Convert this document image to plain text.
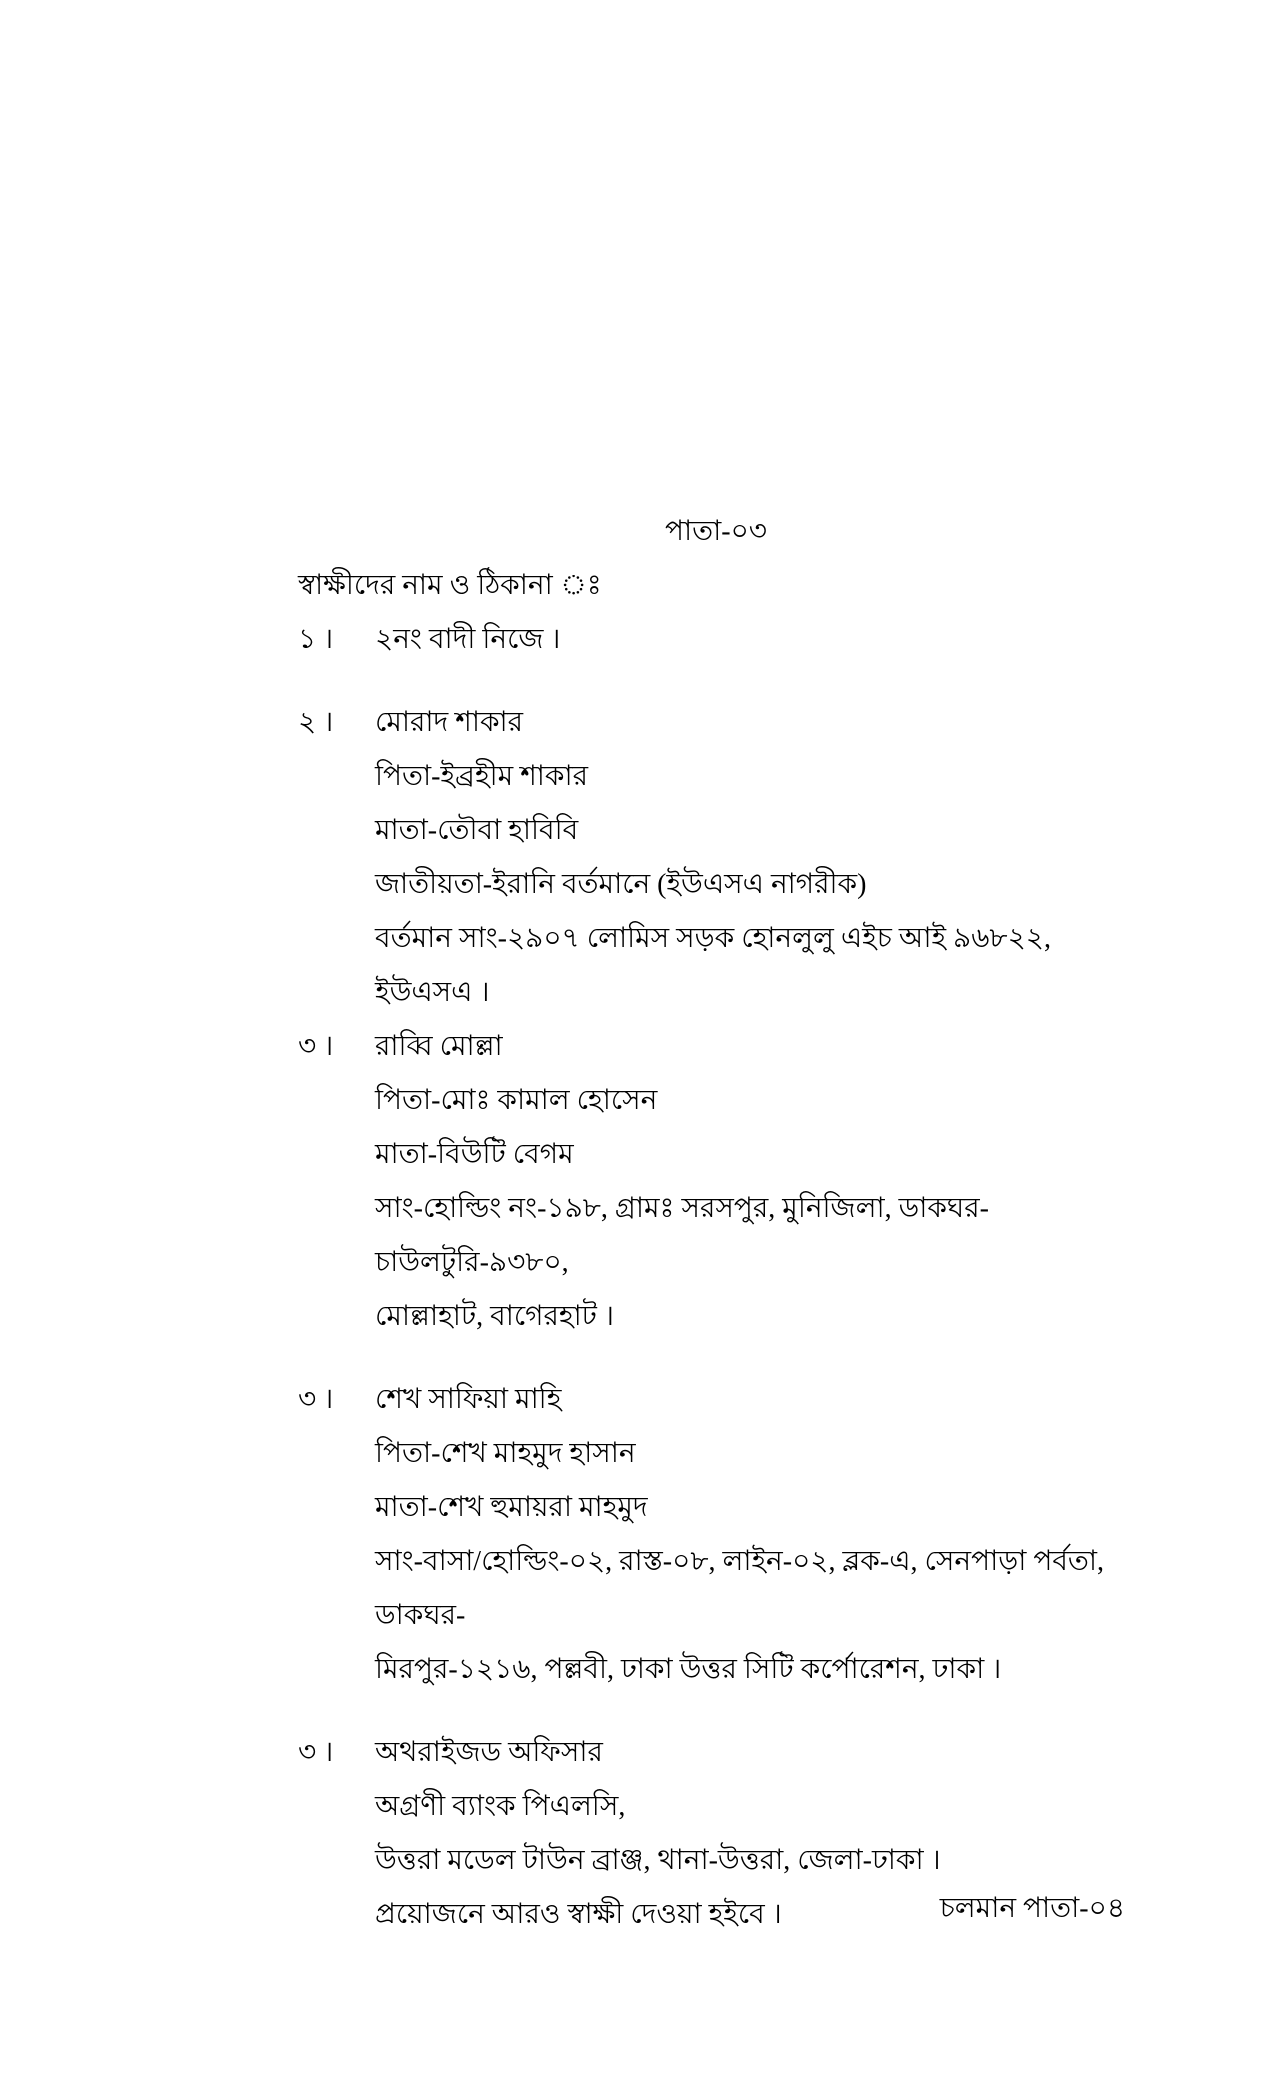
পাতা-০৩
স্বাক্ষীদের নাম ও ঠিকানা ঃ
১ ।	২নং বাদী নিজে ।
২ ।	মোরাদ শাকার
পিতা-ইব্রহীম শাকার
মাতা-তৌবা হাবিবি
জাতীয়তা-ইরানি বর্তমানে (ইউএসএ নাগরীক)
বর্তমান সাং-২৯০৭ লোমিস সড়ক হোনলুলু এইচ আই ৯৬৮২২,
ইউএসএ ।
৩ ।	রাব্বি মোল্লা
পিতা-মোঃ কামাল হোসেন
মাতা-বিউটি বেগম
সাং-হোল্ডিং নং-১৯৮, গ্রামঃ সরসপুর, মুনিজিলা, ডাকঘর-চাউলটুরি-৯৩৮০,
মোল্লাহাট, বাগেরহাট ।
৩ ।	শেখ সাফিয়া মাহি
পিতা-শেখ মাহমুদ হাসান
মাতা-শেখ হুমায়রা মাহমুদ
সাং-বাসা/হোল্ডিং-০২, রাস্ত-০৮, লাইন-০২, ব্লক-এ, সেনপাড়া পর্বতা, ডাকঘর-
মিরপুর-১২১৬, পল্লবী, ঢাকা উত্তর সিটি কর্পোরেশন, ঢাকা ।
৩ ।	অথরাইজড অফিসার
অগ্রণী ব্যাংক পিএলসি,
উত্তরা মডেল টাউন ব্রাঞ্জ, থানা-উত্তরা, জেলা-ঢাকা ।
প্রয়োজনে আরও স্বাক্ষী দেওয়া হইবে ।	চলমান পাতা-০৪
